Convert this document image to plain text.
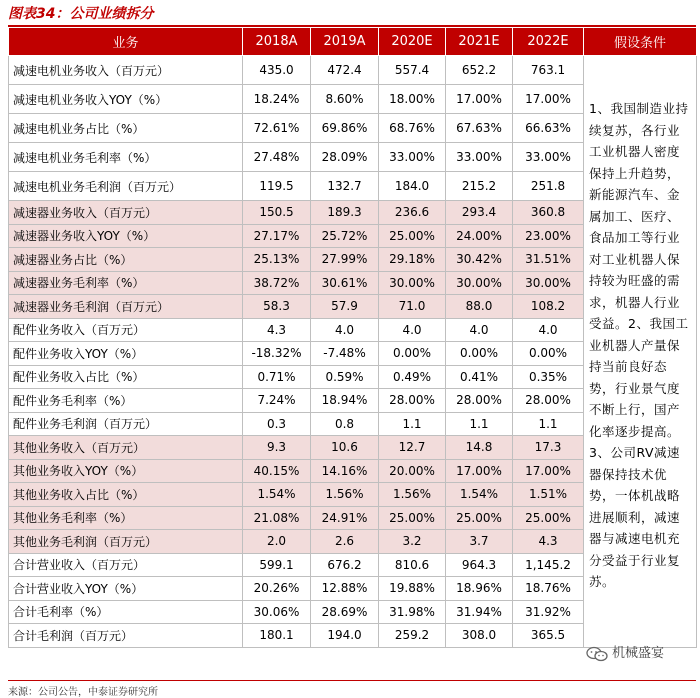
图表34：公司业绩拆分
业务	2018A	2019A	2020E	2021E	2022E	假设条件
减速电机业务收入（百万元）	435.0	472.4	557.4	652.2	763.1	1、我国制造业持续复苏，各行业工业机器人密度保持上升趋势，新能源汽车、金属加工、医疗、食品加工等行业对工业机器人保持较为旺盛的需求，机器人行业受益。2、我国工业机器人产量保持当前良好态势，行业景气度不断上行，国产化率逐步提高。3、公司RV减速器保持技术优势，一体机战略进展顺利，减速器与减速电机充分受益于行业复苏。
减速电机业务收入YOY（%）	18.24%	8.60%	18.00%	17.00%	17.00%	
减速电机业务占比（%）	72.61%	69.86%	68.76%	67.63%	66.63%	
减速电机业务毛利率（%）	27.48%	28.09%	33.00%	33.00%	33.00%	
减速电机业务毛利润（百万元）	119.5	132.7	184.0	215.2	251.8	
减速器业务收入（百万元）	150.5	189.3	236.6	293.4	360.8	
减速器业务收入YOY（%）	27.17%	25.72%	25.00%	24.00%	23.00%	
减速器业务占比（%）	25.13%	27.99%	29.18%	30.42%	31.51%	
减速器业务毛利率（%）	38.72%	30.61%	30.00%	30.00%	30.00%	
减速器业务毛利润（百万元）	58.3	57.9	71.0	88.0	108.2	
配件业务收入（百万元）	4.3	4.0	4.0	4.0	4.0	
配件业务收入YOY（%）	-18.32%	-7.48%	0.00%	0.00%	0.00%	
配件业务收入占比（%）	0.71%	0.59%	0.49%	0.41%	0.35%	
配件业务毛利率（%）	7.24%	18.94%	28.00%	28.00%	28.00%	
配件业务毛利润（百万元）	0.3	0.8	1.1	1.1	1.1	
其他业务收入（百万元）	9.3	10.6	12.7	14.8	17.3	
其他业务收入YOY（%）	40.15%	14.16%	20.00%	17.00%	17.00%	
其他业务收入占比（%）	1.54%	1.56%	1.56%	1.54%	1.51%	
其他业务毛利率（%）	21.08%	24.91%	25.00%	25.00%	25.00%	
其他业务毛利润（百万元）	2.0	2.6	3.2	3.7	4.3	
合计营业收入（百万元）	599.1	676.2	810.6	964.3	1,145.2	
合计营业收入YOY（%）	20.26%	12.88%	19.88%	18.96%	18.76%	
合计毛利率（%）	30.06%	28.69%	31.98%	31.94%	31.92%	
合计毛利润（百万元）	180.1	194.0	259.2	308.0	365.5	
机械盛宴
来源：公司公告，中泰证券研究所
